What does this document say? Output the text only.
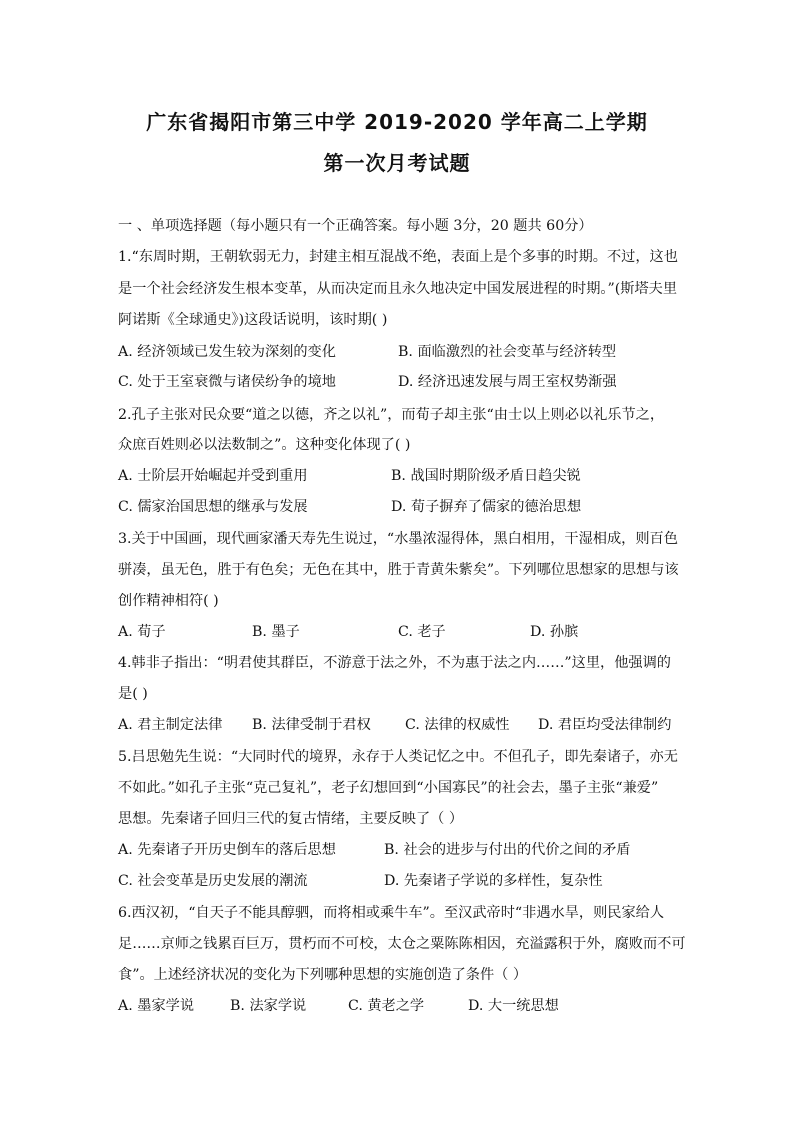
广东省揭阳市第三中学 2019-2020 学年高二上学期
第一次月考试题
一 、单项选择题（每小题只有一个正确答案。每小题 3分，20 题共 60分）
1.“东周时期，王朝软弱无力，封建主相互混战不绝，表面上是个多事的时期。不过，这也
是一个社会经济发生根本变革，从而决定而且永久地决定中国发展进程的时期。”(斯塔夫里
阿诺斯《全球通史》)这段话说明，该时期( )
A. 经济领域已发生较为深刻的变化	B. 面临激烈的社会变革与经济转型
C. 处于王室衰微与诸侯纷争的境地	D. 经济迅速发展与周王室权势渐强
2.孔子主张对民众要“道之以德，齐之以礼”，而荀子却主张“由士以上则必以礼乐节之，
众庶百姓则必以法数制之”。这种变化体现了( )
A. 士阶层开始崛起并受到重用	B. 战国时期阶级矛盾日趋尖锐
C. 儒家治国思想的继承与发展	D. 荀子摒弃了儒家的德治思想
3.关于中国画，现代画家潘天寿先生说过，“水墨浓湿得体，黑白相用，干湿相成，则百色
骈凑，虽无色，胜于有色矣；无色在其中，胜于青黄朱紫矣”。下列哪位思想家的思想与该
创作精神相符( )
A. 荀子	B. 墨子	C. 老子	D. 孙膑
4.韩非子指出：“明君使其群臣，不游意于法之外，不为惠于法之内……”这里，他强调的
是( )
A. 君主制定法律 B. 法律受制于君权 C. 法律的权威性 D. 君臣均受法律制约
5.吕思勉先生说：“大同时代的境界，永存于人类记忆之中。不但孔子，即先秦诸子，亦无
不如此。”如孔子主张“克己复礼”，老子幻想回到“小国寡民”的社会去，墨子主张“兼爱”
思想。先秦诸子回归三代的复古情绪，主要反映了（ ）
A. 先秦诸子开历史倒车的落后思想	B. 社会的进步与付出的代价之间的矛盾
C. 社会变革是历史发展的潮流	D. 先秦诸子学说的多样性，复杂性
6.西汉初，“自天子不能具醇驷，而将相或乘牛车”。至汉武帝时“非遇水旱，则民家给人
足……京师之钱累百巨万，贯朽而不可校，太仓之粟陈陈相因，充溢露积于外，腐败而不可
食”。上述经济状况的变化为下列哪种思想的实施创造了条件（ ）
A. 墨家学说	B. 法家学说	C. 黄老之学	D. 大一统思想
